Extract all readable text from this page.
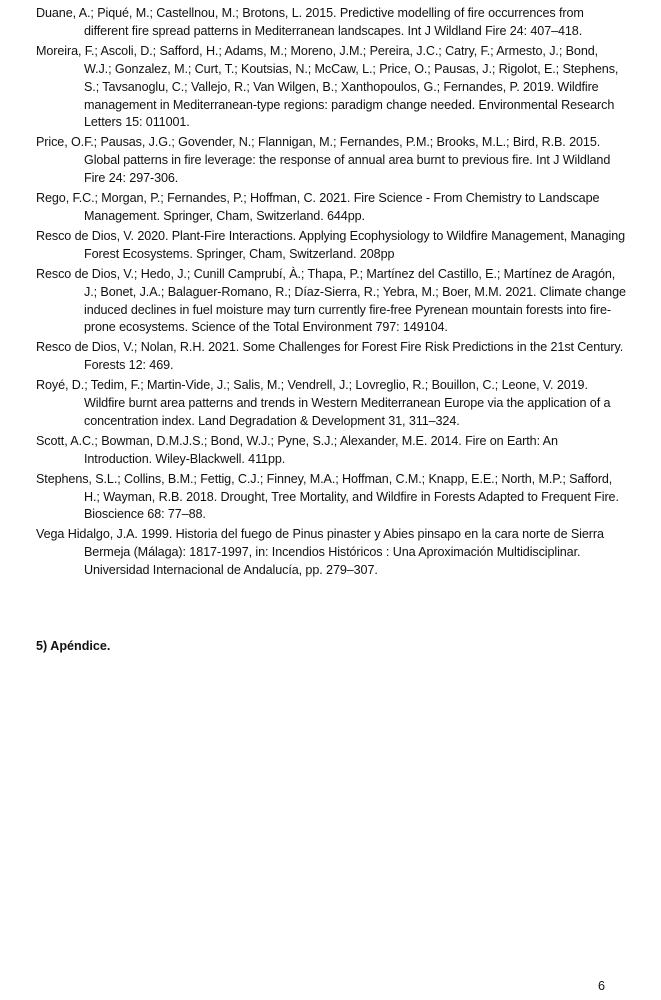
Duane, A.; Piqué, M.; Castellnou, M.; Brotons, L. 2015. Predictive modelling of fire occurrences from different fire spread patterns in Mediterranean landscapes. Int J Wildland Fire 24: 407–418.
Moreira, F.; Ascoli, D.; Safford, H.; Adams, M.; Moreno, J.M.; Pereira, J.C.; Catry, F.; Armesto, J.; Bond, W.J.; Gonzalez, M.; Curt, T.; Koutsias, N.; McCaw, L.; Price, O.; Pausas, J.; Rigolot, E.; Stephens, S.; Tavsanoglu, C.; Vallejo, R.; Van Wilgen, B.; Xanthopoulos, G.; Fernandes, P. 2019. Wildfire management in Mediterranean-type regions: paradigm change needed. Environmental Research Letters 15: 011001.
Price, O.F.; Pausas, J.G.; Govender, N.; Flannigan, M.; Fernandes, P.M.; Brooks, M.L.; Bird, R.B. 2015. Global patterns in fire leverage: the response of annual area burnt to previous fire. Int J Wildland Fire 24: 297-306.
Rego, F.C.; Morgan, P.; Fernandes, P.; Hoffman, C. 2021. Fire Science - From Chemistry to Landscape Management. Springer, Cham, Switzerland. 644pp.
Resco de Dios, V. 2020. Plant-Fire Interactions. Applying Ecophysiology to Wildfire Management, Managing Forest Ecosystems. Springer, Cham, Switzerland. 208pp
Resco de Dios, V.; Hedo, J.; Cunill Camprubí, À.; Thapa, P.; Martínez del Castillo, E.; Martínez de Aragón, J.; Bonet, J.A.; Balaguer-Romano, R.; Díaz-Sierra, R.; Yebra, M.; Boer, M.M. 2021. Climate change induced declines in fuel moisture may turn currently fire-free Pyrenean mountain forests into fire-prone ecosystems. Science of the Total Environment 797: 149104.
Resco de Dios, V.; Nolan, R.H. 2021. Some Challenges for Forest Fire Risk Predictions in the 21st Century. Forests 12: 469.
Royé, D.; Tedim, F.; Martin-Vide, J.; Salis, M.; Vendrell, J.; Lovreglio, R.; Bouillon, C.; Leone, V. 2019. Wildfire burnt area patterns and trends in Western Mediterranean Europe via the application of a concentration index. Land Degradation & Development 31, 311–324.
Scott, A.C.; Bowman, D.M.J.S.; Bond, W.J.; Pyne, S.J.; Alexander, M.E. 2014. Fire on Earth: An Introduction. Wiley-Blackwell. 411pp.
Stephens, S.L.; Collins, B.M.; Fettig, C.J.; Finney, M.A.; Hoffman, C.M.; Knapp, E.E.; North, M.P.; Safford, H.; Wayman, R.B. 2018. Drought, Tree Mortality, and Wildfire in Forests Adapted to Frequent Fire. Bioscience 68: 77–88.
Vega Hidalgo, J.A. 1999. Historia del fuego de Pinus pinaster y Abies pinsapo en la cara norte de Sierra Bermeja (Málaga): 1817-1997, in: Incendios Históricos : Una Aproximación Multidisciplinar. Universidad Internacional de Andalucía, pp. 279–307.
5) Apéndice.
6
